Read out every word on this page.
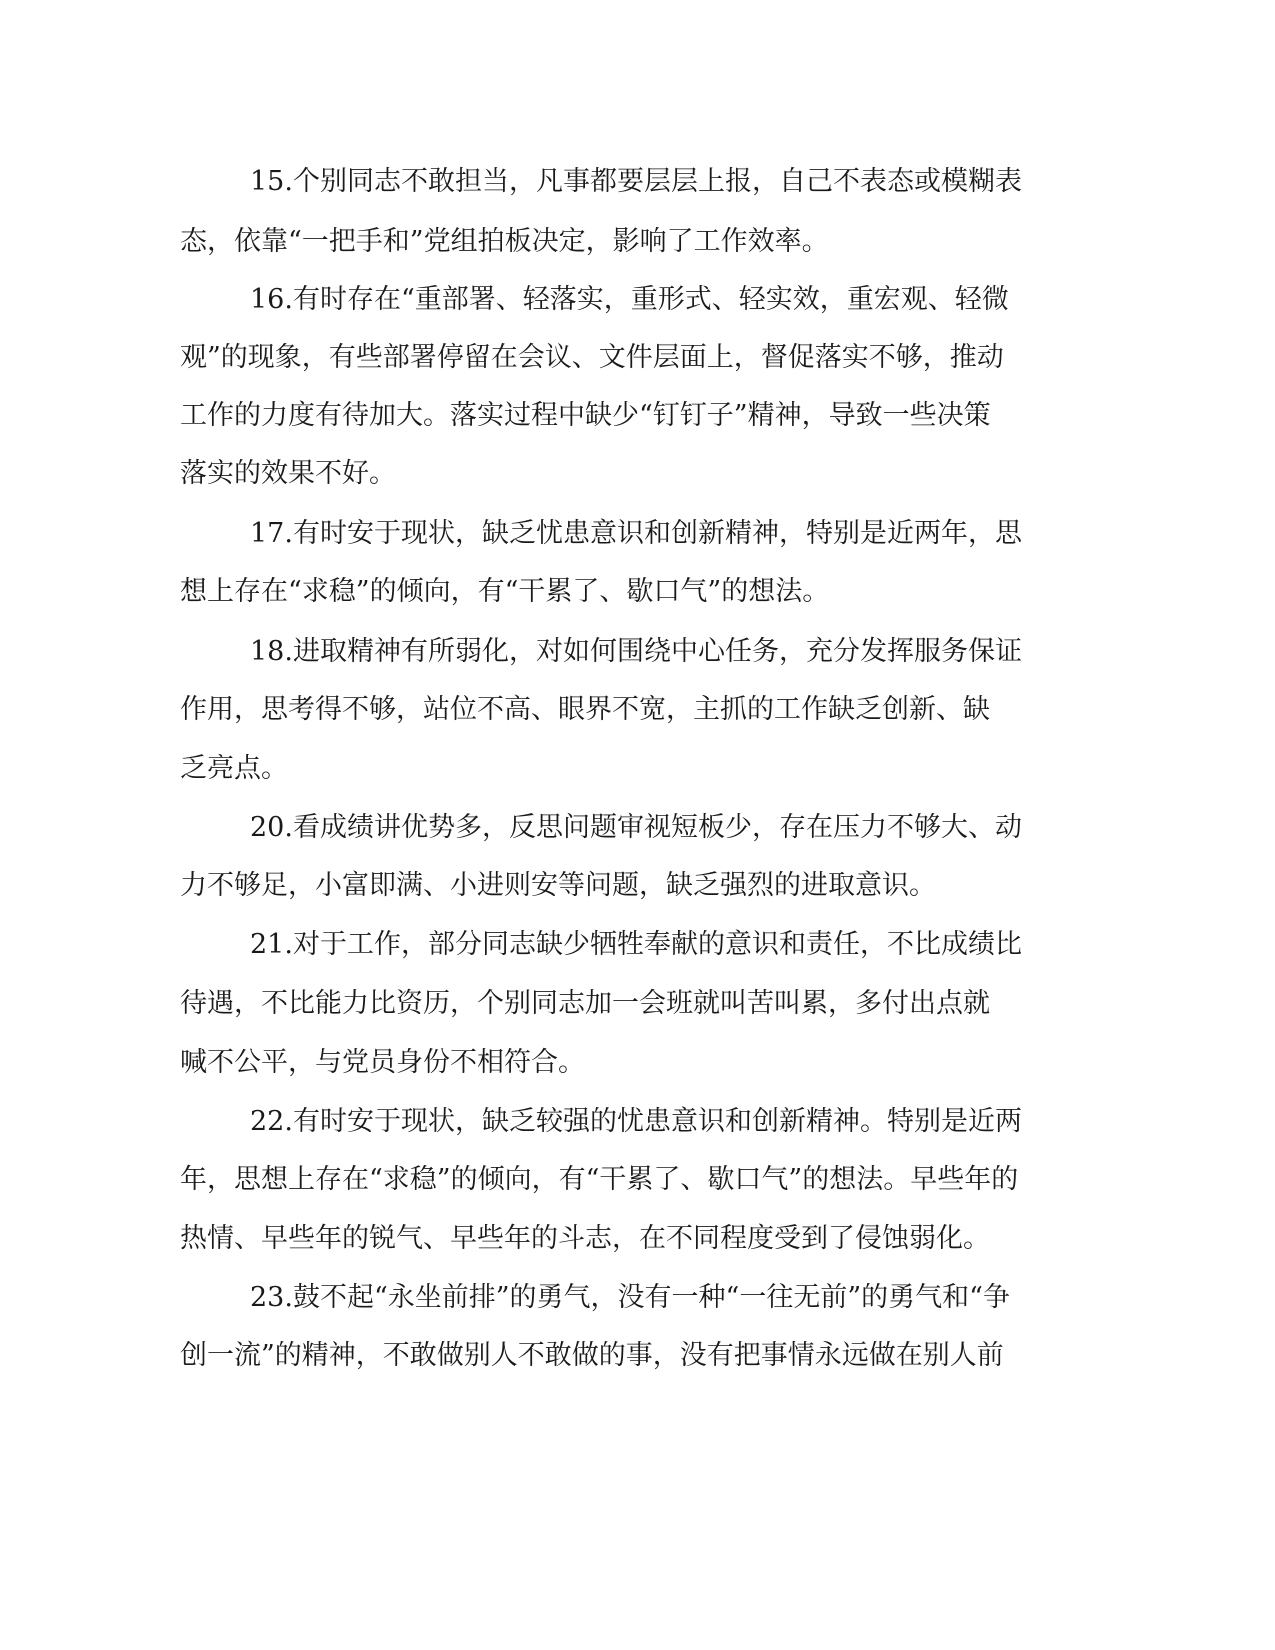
15.个别同志不敢担当，凡事都要层层上报，自己不表态或模糊表
态，依靠“一把手和”党组拍板决定，影响了工作效率。
16.有时存在“重部署、轻落实，重形式、轻实效，重宏观、轻微
观”的现象，有些部署停留在会议、文件层面上，督促落实不够，推动
工作的力度有待加大。落实过程中缺少“钉钉子”精神，导致一些决策
落实的效果不好。
17.有时安于现状，缺乏忧患意识和创新精神，特别是近两年，思
想上存在“求稳”的倾向，有“干累了、歇口气”的想法。
18.进取精神有所弱化，对如何围绕中心任务，充分发挥服务保证
作用，思考得不够，站位不高、眼界不宽，主抓的工作缺乏创新、缺
乏亮点。
20.看成绩讲优势多，反思问题审视短板少，存在压力不够大、动
力不够足，小富即满、小进则安等问题，缺乏强烈的进取意识。
21.对于工作，部分同志缺少牺牲奉献的意识和责任，不比成绩比
待遇，不比能力比资历，个别同志加一会班就叫苦叫累，多付出点就
喊不公平，与党员身份不相符合。
22.有时安于现状，缺乏较强的忧患意识和创新精神。特别是近两
年，思想上存在“求稳”的倾向，有“干累了、歇口气”的想法。早些年的
热情、早些年的锐气、早些年的斗志，在不同程度受到了侵蚀弱化。
23.鼓不起“永坐前排”的勇气，没有一种“一往无前”的勇气和“争
创一流”的精神，不敢做别人不敢做的事，没有把事情永远做在别人前
